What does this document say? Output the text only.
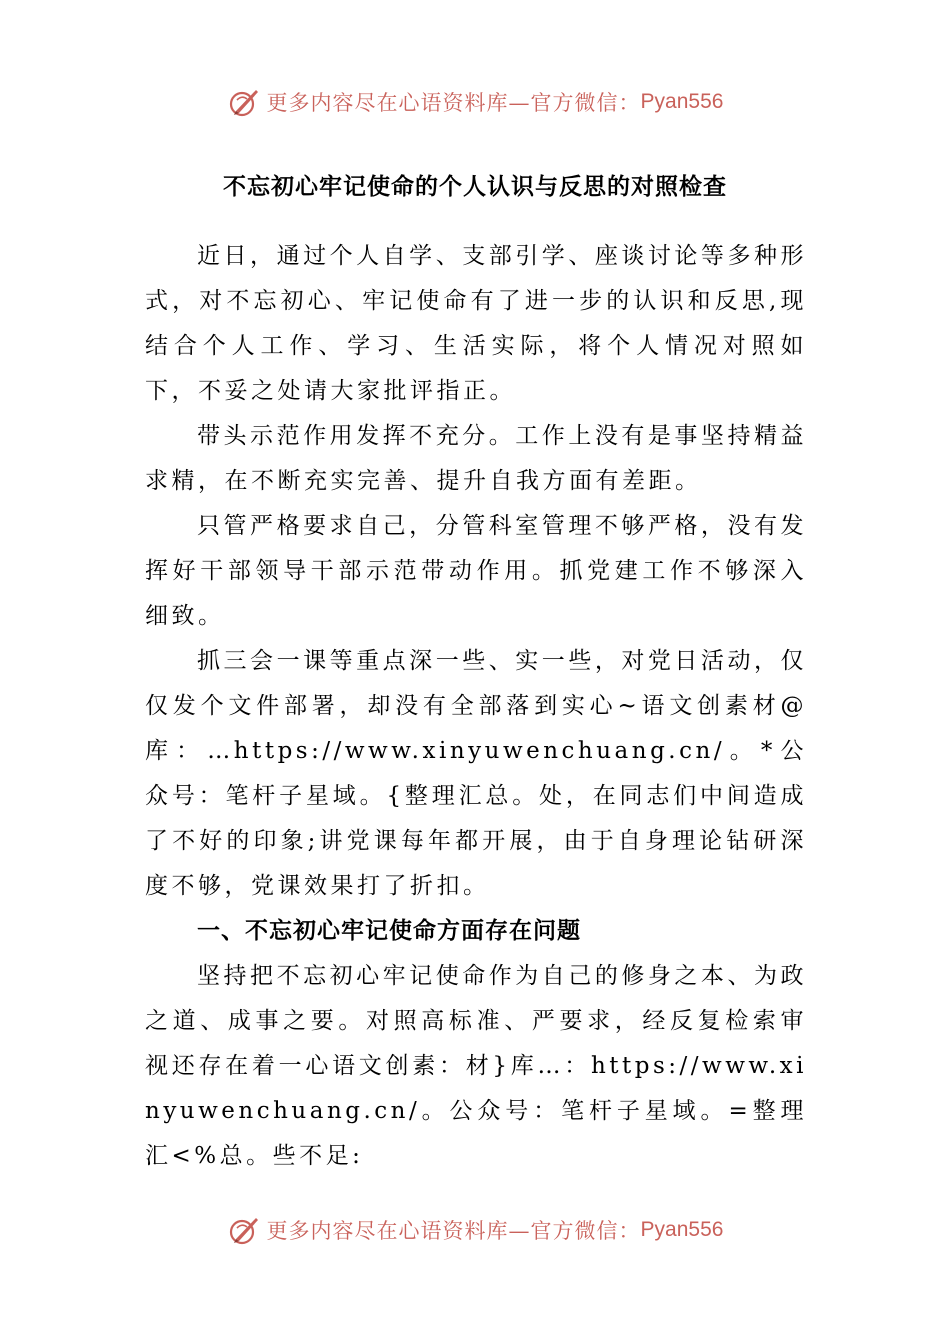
更多内容尽在心语资料库—官方微信： Pyan556
不忘初心牢记使命的个人认识与反思的对照检查

近日，通过个人自学、支部引学、座谈讨论等多种形式，对不忘初心、牢记使命有了进一步的认识和反思,现结合个人工作、学习、生活实际，将个人情况对照如下，不妥之处请大家批评指正。

带头示范作用发挥不充分。工作上没有是事坚持精益求精，在不断充实完善、提升自我方面有差距。

只管严格要求自己，分管科室管理不够严格，没有发挥好干部领导干部示范带动作用。抓党建工作不够深入细致。

抓三会一课等重点深一些、实一些，对党日活动，仅仅发个文件部署，却没有全部落到实心~语文创素材@库：…https://www.xinyuwenchuang.cn/。*公众号：笔杆子星域。{整理汇总。处，在同志们中间造成了不好的印象;讲党课每年都开展，由于自身理论钻研深度不够，党课效果打了折扣。

一、不忘初心牢记使命方面存在问题

坚持把不忘初心牢记使命作为自己的修身之本、为政之道、成事之要。对照高标准、严要求，经反复检索审视还存在着一心语文创素：材}库…：https://www.xinyuwenchuang.cn/。公众号：笔杆子星域。=整理汇<%总。些不足:

更多内容尽在心语资料库—官方微信： Pyan556
